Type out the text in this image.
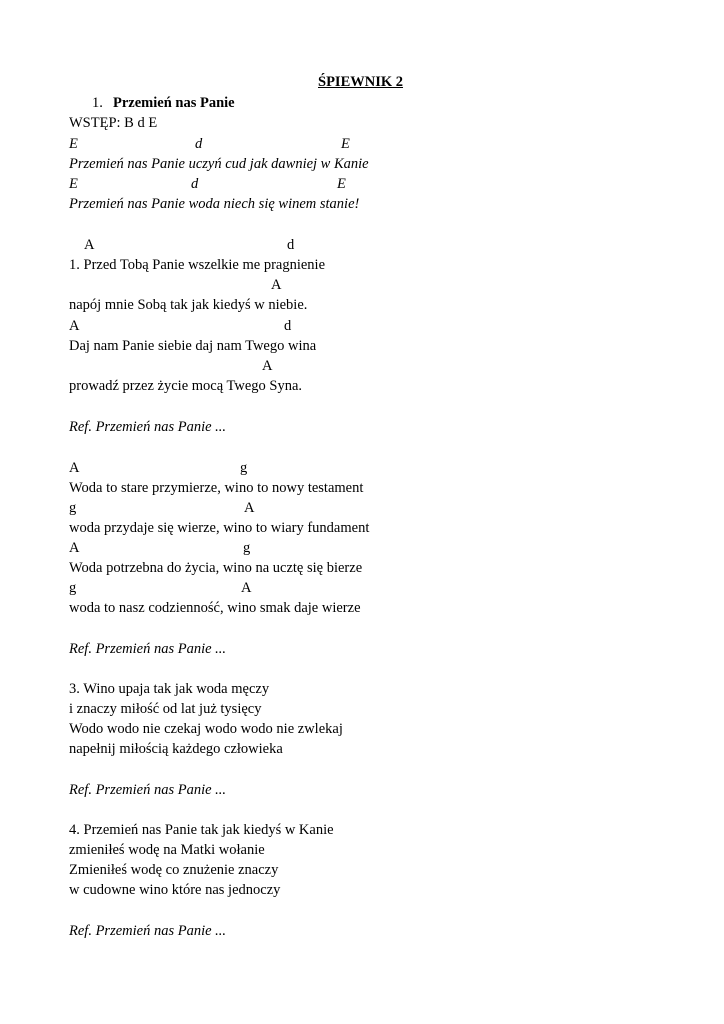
ŚPIEWNIK 2
1. Przemień nas Panie
WSTĘP: B d E
E	d	E
Przemień nas Panie uczyń cud jak dawniej w Kanie
E	d	E
Przemień nas Panie woda niech się winem stanie!
A	d
1. Przed Tobą Panie wszelkie me pragnienie
A
napój mnie Sobą tak jak kiedyś w niebie.
A	d
Daj nam Panie siebie daj nam Twego wina
A
prowadź przez życie mocą Twego Syna.
Ref. Przemień nas Panie ...
A	g
Woda to stare przymierze, wino to nowy testament
g	A
woda przydaje się wierze, wino to wiary fundament
A	g
Woda potrzebna do życia, wino na ucztę się bierze
g	A
woda to nasz codzienność, wino smak daje wierze
Ref. Przemień nas Panie ...
3. Wino upaja tak jak woda męczy
i znaczy miłość od lat już tysięcy
Wodo wodo nie czekaj wodo wodo nie zwlekaj
napełnij miłością każdego człowieka
Ref. Przemień nas Panie ...
4. Przemień nas Panie tak jak kiedyś w Kanie
zmieniłeś wodę na Matki wołanie
Zmieniłeś wodę co znużenie znaczy
w cudowne wino które nas jednoczy
Ref. Przemień nas Panie ...
